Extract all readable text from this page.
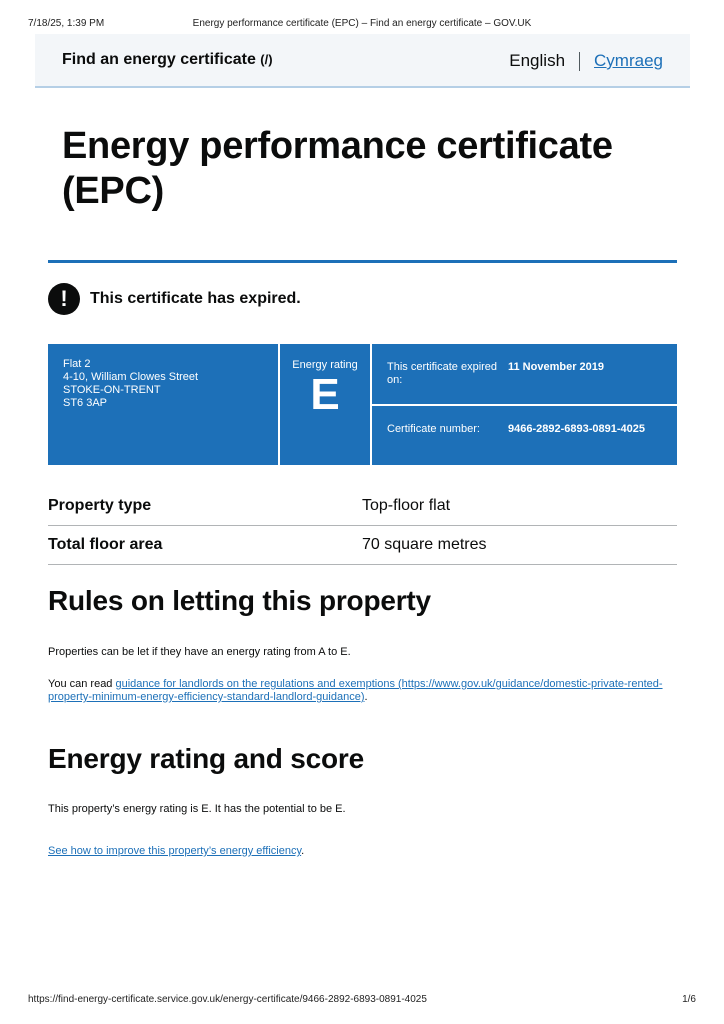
7/18/25, 1:39 PM	Energy performance certificate (EPC) – Find an energy certificate – GOV.UK
Find an energy certificate (/)	English Cymraeg
Energy performance certificate (EPC)
!	This certificate has expired.
Flat 2
4-10, William Clowes Street
STOKE-ON-TRENT
ST6 3AP
Energy rating
E
This certificate expired on:
11 November 2019
Certificate number:	9466-2892-6893-0891-4025
Property type	Top-floor flat
Total floor area	70 square metres
Rules on letting this property

Properties can be let if they have an energy rating from A to E.

You can read guidance for landlords on the regulations and exemptions (https://www.gov.uk/guidance/domestic-private-rented-property-minimum-energy-efficiency-standard-landlord-guidance).

Energy rating and score

This property’s energy rating is E. It has the potential to be E.

See how to improve this property’s energy efficiency.

https://find-energy-certificate.service.gov.uk/energy-certificate/9466-2892-6893-0891-4025	1/6
